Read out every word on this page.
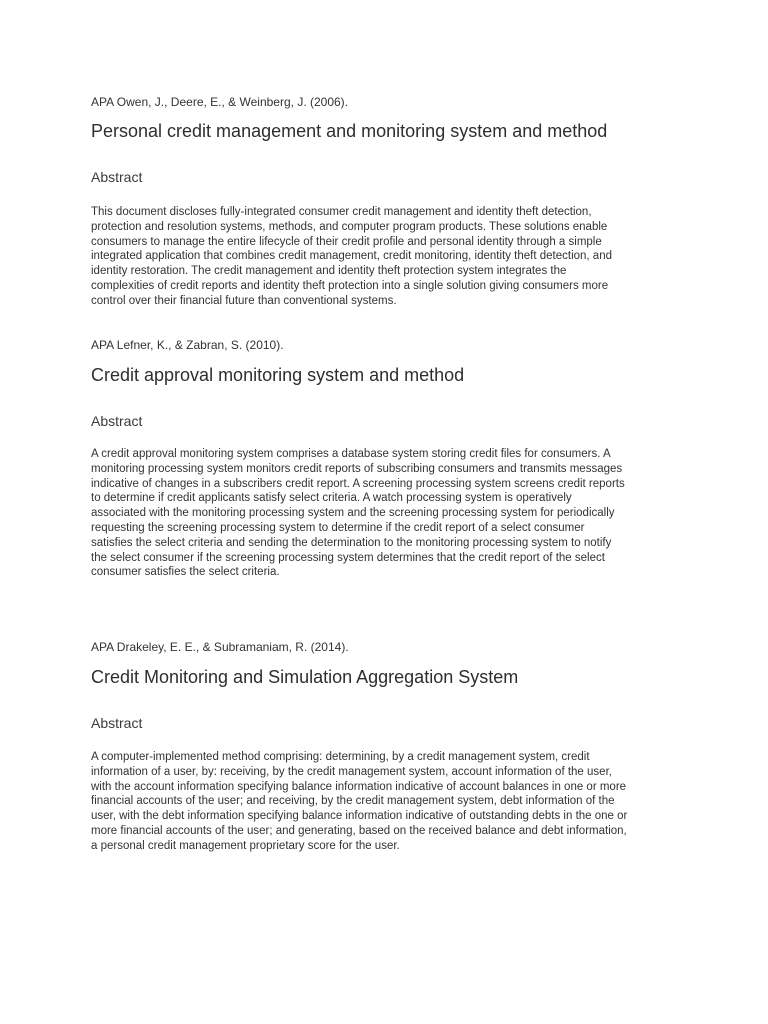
APA Owen, J., Deere, E., & Weinberg, J. (2006).
Personal credit management and monitoring system and method
Abstract
This document discloses fully-integrated consumer credit management and identity theft detection,
protection and resolution systems, methods, and computer program products. These solutions enable
consumers to manage the entire lifecycle of their credit profile and personal identity through a simple
integrated application that combines credit management, credit monitoring, identity theft detection, and
identity restoration. The credit management and identity theft protection system integrates the
complexities of credit reports and identity theft protection into a single solution giving consumers more
control over their financial future than conventional systems.
APA Lefner, K., & Zabran, S. (2010).
Credit approval monitoring system and method
Abstract
A credit approval monitoring system comprises a database system storing credit files for consumers. A
monitoring processing system monitors credit reports of subscribing consumers and transmits messages
indicative of changes in a subscribers credit report. A screening processing system screens credit reports
to determine if credit applicants satisfy select criteria. A watch processing system is operatively
associated with the monitoring processing system and the screening processing system for periodically
requesting the screening processing system to determine if the credit report of a select consumer
satisfies the select criteria and sending the determination to the monitoring processing system to notify
the select consumer if the screening processing system determines that the credit report of the select
consumer satisfies the select criteria.
APA Drakeley, E. E., & Subramaniam, R. (2014).
Credit Monitoring and Simulation Aggregation System
Abstract
A computer-implemented method comprising: determining, by a credit management system, credit
information of a user, by: receiving, by the credit management system, account information of the user,
with the account information specifying balance information indicative of account balances in one or more
financial accounts of the user; and receiving, by the credit management system, debt information of the
user, with the debt information specifying balance information indicative of outstanding debts in the one or
more financial accounts of the user; and generating, based on the received balance and debt information,
a personal credit management proprietary score for the user.
